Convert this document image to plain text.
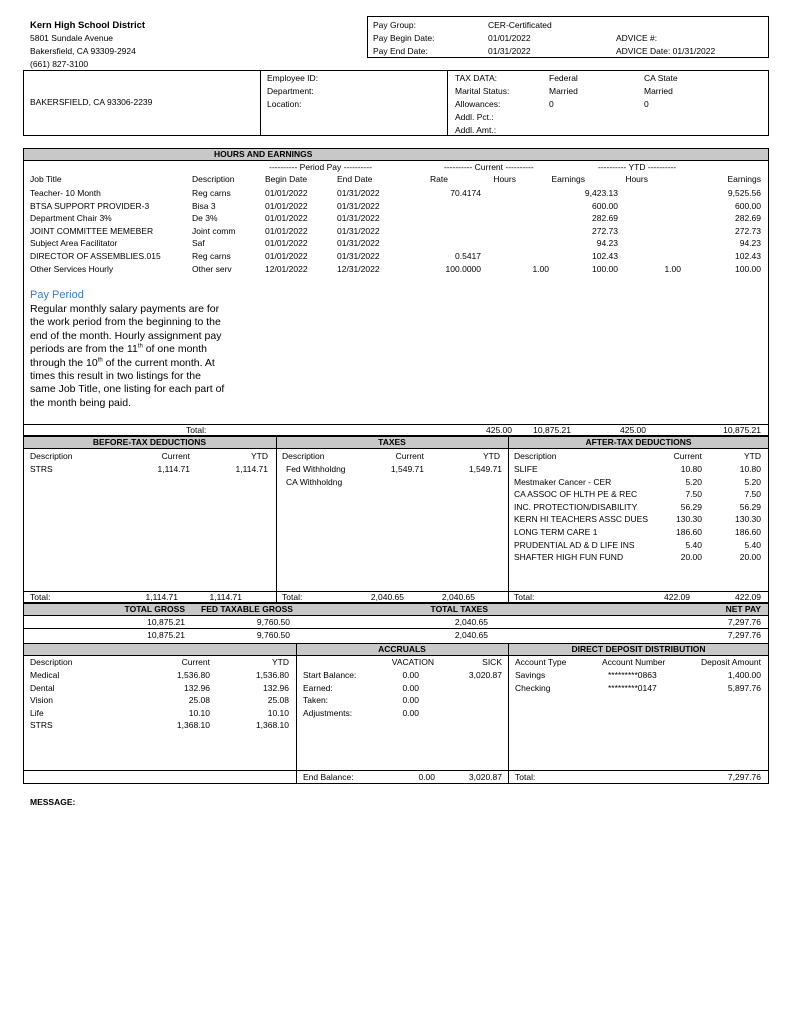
Kern High School District
5801 Sundale Avenue
Bakersfield, CA 93309-2924
(661) 827-3100
Pay Group:	CER-Certificated
Pay Begin Date:	01/01/2022	ADVICE #:
Pay End Date:	01/31/2022	ADVICE Date: 01/31/2022
BAKERSFIELD, CA 93306-2239
Employee ID:
Department:
Location:
TAX DATA:	Federal	CA State
Marital Status:	Married	Married
Allowances:	0	0
Addl. Pct.:
Addl. Amt.:
HOURS AND EARNINGS
---------- Period Pay ----------	---------- Current ----------	---------- YTD ----------
Job Title	Description	Begin Date	End Date	Rate	Hours	Earnings	Hours	Earnings
Teacher- 10 Month	Reg carns	01/01/2022	01/31/2022	70.4174		9,423.13		9,525.56
BTSA SUPPORT PROVIDER-3	Bisa 3	01/01/2022	01/31/2022			600.00		600.00
Department Chair 3%	De 3%	01/01/2022	01/31/2022			282.69		282.69
JOINT COMMITTEE MEMEBER	Joint comm	01/01/2022	01/31/2022			272.73		272.73
Subject Area Facilitator	Saf	01/01/2022	01/31/2022			94.23		94.23
DIRECTOR OF ASSEMBLIES.015	Reg carns	01/01/2022	01/31/2022	0.5417		102.43		102.43
Other Services Hourly	Other serv	12/01/2022	12/31/2022	100.0000	1.00	100.00	1.00	100.00
Pay Period
Regular monthly salary payments are for the work period from the beginning to the end of the month. Hourly assignment pay periods are from the 11th of one month through the 10th of the current month. At times this result in two listings for the same Job Title, one listing for each part of the month being paid.
Total:	425.00	10,875.21	425.00	10,875.21
BEFORE-TAX DEDUCTIONS	TAXES	AFTER-TAX DEDUCTIONS
Description	Current	YTD
STRS	1,114.71	1,114.71
Description	Current	YTD
Fed Withholdng	1,549.71	1,549.71
CA Withholdng		
Description	Current	YTD
SLIFE	10.80	10.80
Mestmaker Cancer - CER	5.20	5.20
CA ASSOC OF HLTH PE & REC	7.50	7.50
INC. PROTECTION/DISABILITY	56.29	56.29
KERN HI TEACHERS ASSC DUES	130.30	130.30
LONG TERM CARE 1	186.60	186.60
PRUDENTIAL AD & D LIFE INS	5.40	5.40
SHAFTER HIGH FUN FUND	20.00	20.00
Total:	1,114.71	1,114.71	Total:	2,040.65	2,040.65	Total:	422.09	422.09
TOTAL GROSS FED TAXABLE GROSS	TOTAL TAXES	NET PAY
10,875.21	9,760.50	2,040.65	7,297.76
10,875.21	9,760.50	2,040.65	7,297.76
ACCRUALS	DIRECT DEPOSIT DISTRIBUTION
Description	Current	YTD
Medical	1,536.80	1,536.80
Dental	132.96	132.96
Vision	25.08	25.08
Life	10.10	10.10
STRS	1,368.10	1,368.10
VACATION	SICK
Start Balance:	0.00	3,020.87
Earned:	0.00	
Taken:	0.00	
Adjustments:	0.00	
Account Type	Account Number	Deposit Amount
Savings	*********0863	1,400.00
Checking	*********0147	5,897.76
End Balance:	0.00	3,020.87 Total:	7,297.76
MESSAGE:
